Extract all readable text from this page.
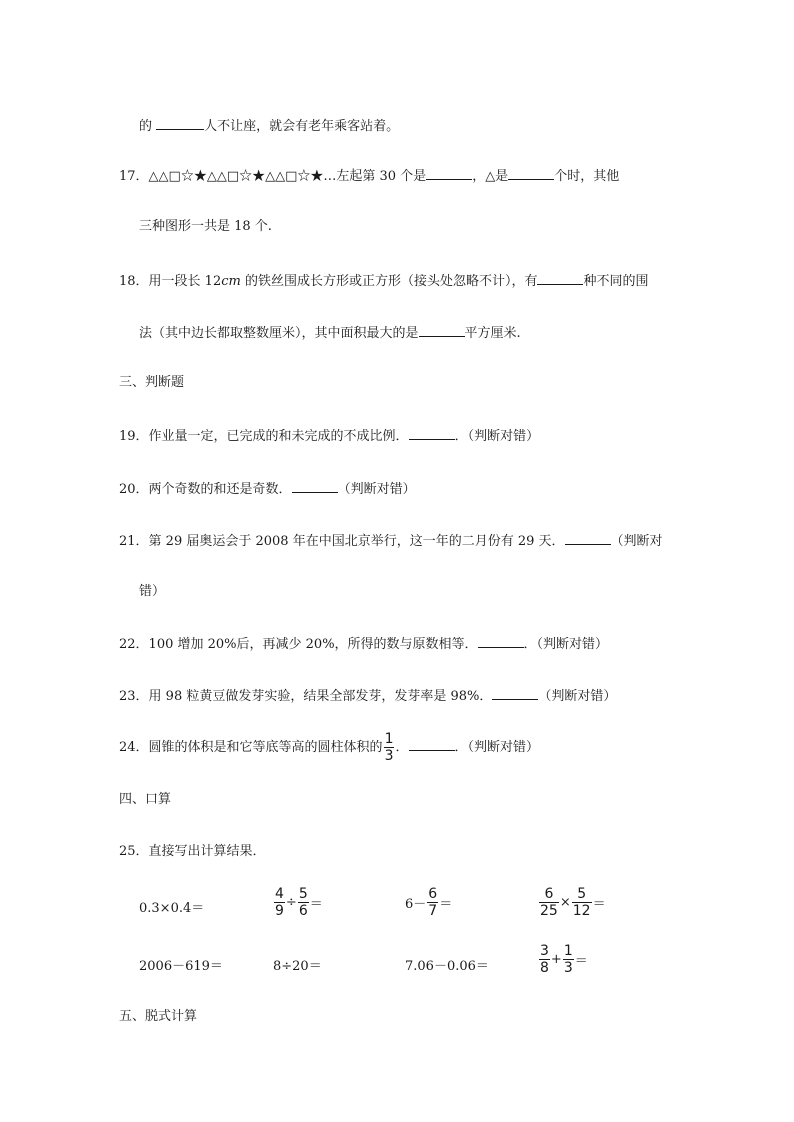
的	人不让座，就会有老年乘客站着。
17．△△□☆★△△□☆★△△□☆★…左起第 30 个是	，△是	个时，其他
三种图形一共是 18 个.
18．用一段长 12cm 的铁丝围成长方形或正方形（接头处忽略不计），有	种不同的围
法（其中边长都取整数厘米），其中面积最大的是	平方厘米.
三、判断题
19．作业量一定，已完成的和未完成的不成比例．	．（判断对错）
20．两个奇数的和还是奇数．	（判断对错）
21．第 29 届奥运会于 2008 年在中国北京举行，这一年的二月份有 29 天．	（判断对
错）
22．100 增加 20%后，再减少 20%，所得的数与原数相等．	．（判断对错）
23．用 98 粒黄豆做发芽实验，结果全部发芽，发芽率是 98%．	（判断对错）
24．圆锥的体积是和它等底等高的圆柱体积的 $\frac{1}{3}$ ．	．（判断对错）
四、口算
25．直接写出计算结果．
0.3×0.4＝	$\frac{4}{9} \div \frac{5}{6}$ ＝	$6- \frac{6}{7}$ ＝	$\frac{6}{25} \times \frac{5}{12}$ ＝
2006－619＝	8÷20＝	7.06－0.06＝	$\frac{3}{8} + \frac{1}{3}$ ＝
五、脱式计算
